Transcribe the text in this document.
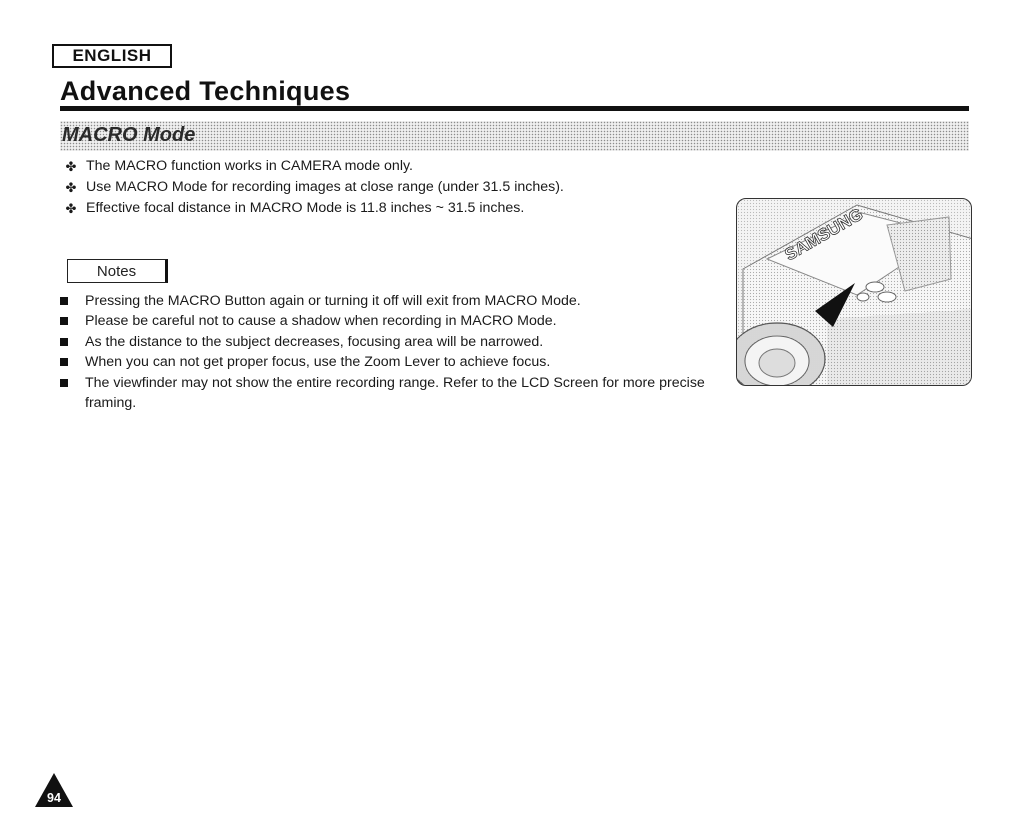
ENGLISH
Advanced Techniques
MACRO Mode
✤ The MACRO function works in CAMERA mode only.
✤ Use MACRO Mode for recording images at close range (under 31.5 inches).
✤ Effective focal distance in MACRO Mode is 11.8 inches ~ 31.5 inches.
Notes
Pressing the MACRO Button again or turning it off will exit from MACRO Mode.
Please be careful not to cause a shadow when recording in MACRO Mode.
As the distance to the subject decreases, focusing area will be narrowed.
When you can not get proper focus, use the Zoom Lever to achieve focus.
The viewfinder may not show the entire recording range. Refer to the LCD Screen for more precise framing.
SAMSUNG
94
